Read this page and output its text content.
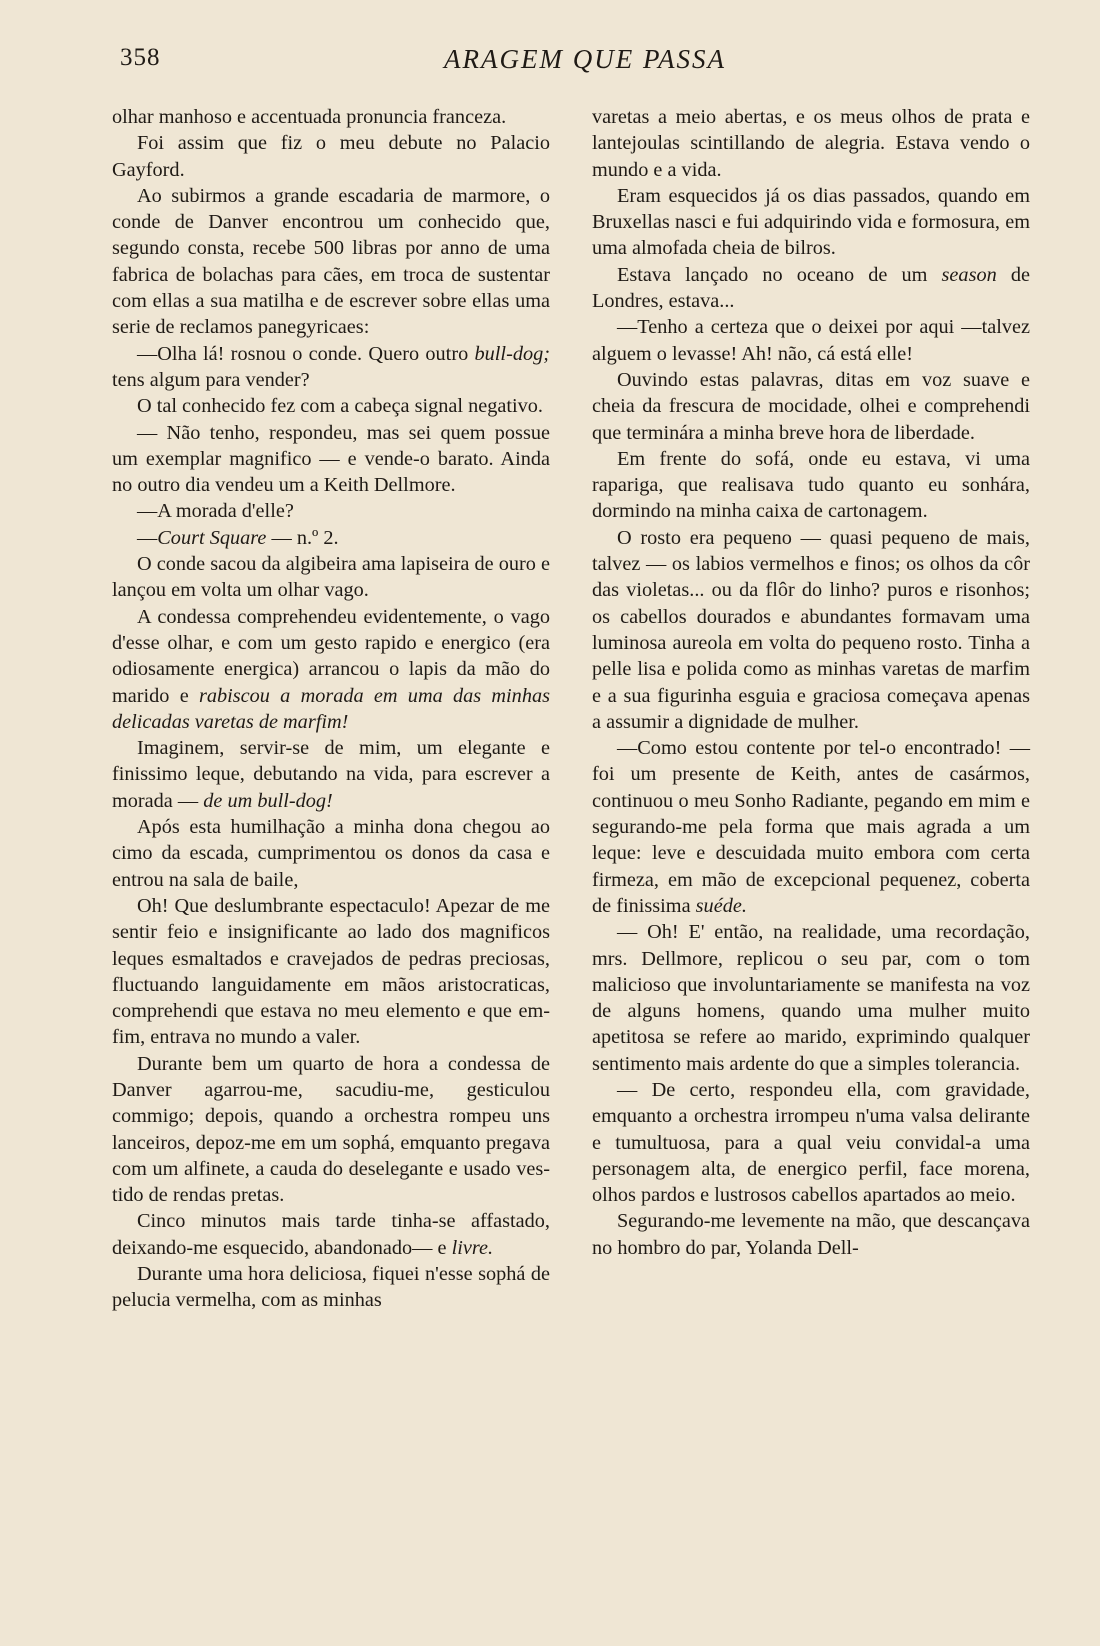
358	ARAGEM QUE PASSA

olhar manhoso e accentuada pronuncia franceza.

Foi assim que fiz o meu debute no Palacio Gayford.

Ao subirmos a grande escadaria de marmore, o conde de Danver encontrou um conhecido que, segundo consta, recebe 500 libras por anno de uma fabrica de bolachas para cães, em troca de sustentar com ellas a sua matilha e de escrever sobre ellas uma serie de reclamos panegyricaes:

—Olha lá! rosnou o conde. Quero outro bull-dog; tens algum para vender?

O tal conhecido fez com a cabeça signal negativo.

— Não tenho, respondeu, mas sei quem possue um exemplar magnifico — e vende-o barato. Ainda no outro dia vendeu um a Keith Dellmore.

—A morada d'elle?

—Court Square — n.º 2.

O conde sacou da algibeira ama lapiseira de ouro e lançou em volta um olhar vago.

A condessa comprehendeu evidentemente, o vago d'esse olhar, e com um gesto rapido e energico (era odiosamente energica) arrancou o lapis da mão do marido e rabiscou a morada em uma das minhas delicadas varetas de marfim!

Imaginem, servir-se de mim, um elegante e finissimo leque, debutando na vida, para escrever a morada — de um bull-dog!

Após esta humilhação a minha dona chegou ao cimo da escada, cumprimentou os donos da casa e entrou na sala de baile,

Oh! Que deslumbrante espectaculo! Apezar de me sentir feio e insignificante ao lado dos magnificos leques esmaltados e cravejados de pedras preciosas, fluctuando languidamente em mãos aristocraticas, comprehendi que estava no meu elemento e que emfim, entrava no mundo a valer.

Durante bem um quarto de hora a condessa de Danver agarrou-me, sacudiu-me, gesticulou commigo; depois, quando a orchestra rompeu uns lanceiros, depoz-me em um sophá, emquanto pregava com um alfinete, a cauda do deselegante e usado vestido de rendas pretas.

Cinco minutos mais tarde tinha-se affastado, deixando-me esquecido, abandonado— e livre.

Durante uma hora deliciosa, fiquei n'esse sophá de pelucia vermelha, com as minhas

varetas a meio abertas, e os meus olhos de prata e lantejoulas scintillando de alegria. Estava vendo o mundo e a vida.

Eram esquecidos já os dias passados, quando em Bruxellas nasci e fui adquirindo vida e formosura, em uma almofada cheia de bilros.

Estava lançado no oceano de um season de Londres, estava...

—Tenho a certeza que o deixei por aqui —talvez alguem o levasse! Ah! não, cá está elle!

Ouvindo estas palavras, ditas em voz suave e cheia da frescura de mocidade, olhei e comprehendi que terminára a minha breve hora de liberdade.

Em frente do sofá, onde eu estava, vi uma rapariga, que realisava tudo quanto eu sonhára, dormindo na minha caixa de cartonagem.

O rosto era pequeno — quasi pequeno de mais, talvez — os labios vermelhos e finos; os olhos da côr das violetas... ou da flôr do linho? puros e risonhos; os cabellos dourados e abundantes formavam uma luminosa aureola em volta do pequeno rosto. Tinha a pelle lisa e polida como as minhas varetas de marfim e a sua figurinha esguia e graciosa começava apenas a assumir a dignidade de mulher.

—Como estou contente por tel-o encontrado! — foi um presente de Keith, antes de casármos, continuou o meu Sonho Radiante, pegando em mim e segurando-me pela forma que mais agrada a um leque: leve e descuidada muito embora com certa firmeza, em mão de excepcional pequenez, coberta de finissima suéde.

— Oh! E' então, na realidade, uma recordação, mrs. Dellmore, replicou o seu par, com o tom malicioso que involuntariamente se manifesta na voz de alguns homens, quando uma mulher muito apetitosa se refere ao marido, exprimindo qualquer sentimento mais ardente do que a simples tolerancia.

— De certo, respondeu ella, com gravidade, emquanto a orchestra irrompeu n'uma valsa delirante e tumultuosa, para a qual veiu convidal-a uma personagem alta, de energico perfil, face morena, olhos pardos e lustrosos cabellos apartados ao meio.

Segurando-me levemente na mão, que descançava no hombro do par, Yolanda Dell-
